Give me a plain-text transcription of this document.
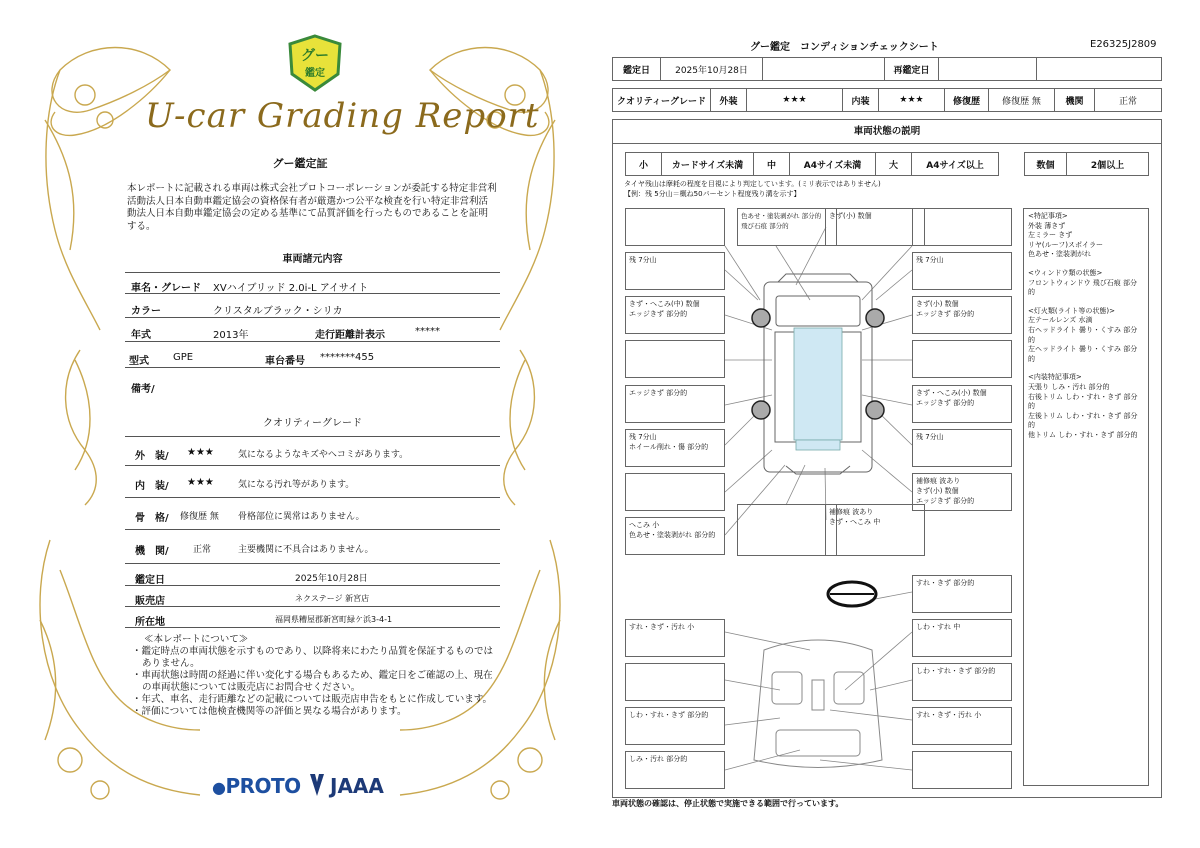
グー
鑑定
U-car Grading Report
グー鑑定証
本レポートに記載される車両は株式会社プロトコーポレーションが委託する特定非営利活動法人日本自動車鑑定協会の資格保有者が厳選かつ公平な検査を行い特定非営利活動法人日本自動車鑑定協会の定める基準にて品質評価を行ったものであることを証明する。
車両諸元内容
車名・グレード XVハイブリッド 2.0i-L アイサイト
カラー	クリスタルブラック・シリカ
年式	2013年	走行距離計表示	*****
型式 GPE	車台番号 *******455
備考/
クオリティーグレード
外　装/ ★★★	気になるようなキズやヘコミがあります。
内　装/ ★★★	気になる汚れ等があります。
骨　格/ 修復歴 無 骨格部位に異常はありません。
機　関/	正常	主要機関に不具合はありません。
鑑定日	2025年10月28日
販売店	ネクステージ 新宮店
所在地	福岡県糟屋郡新宮町緑ケ浜3-4-1
≪本レポートについて≫
・鑑定時点の車両状態を示すものであり、以降将来にわたり品質を保証するものではありません。
・車両状態は時間の経過に伴い変化する場合もあるため、鑑定日をご確認の上、現在の車両状態については販売店にお問合せください。
・年式、車名、走行距離などの記載については販売店申告をもとに作成しています。
・評価については他検査機関等の評価と異なる場合があります。
●PROTO JAAA
グー鑑定　コンディションチェックシート	E26325J2809
鑑定日	2025年10月28日	再鑑定日
クオリティーグレード	外装	★★★	内装	★★★	修復歴	修復歴 無	機関	正常
車両状態の説明
小	カードサイズ未満	中	A4サイズ未満	大	A4サイズ以上	数個	2個以上
タイヤ残山は摩耗の程度を目視により判定しています。(ミリ表示ではありません)
【例：残 5分山＝概ね50パーセント程度残り溝を示す】
色あせ・塗装剥がれ 部分的
飛び石痕 部分的
きず(小) 数個
残 7分山	残 7分山
きず・へこみ(中) 数個
エッジきず 部分的
きず(小) 数個
エッジきず 部分的
エッジきず 部分的	きず・へこみ(小) 数個
エッジきず 部分的
残 7分山
ホイール削れ・傷 部分的
残 7分山
補修痕 波あり
きず(小) 数個
エッジきず 部分的
へこみ 小
色あせ・塗装剥がれ 部分的
補修痕 波あり
きず・へこみ 中
すれ・きず 部分的
すれ・きず・汚れ 小	しわ・すれ 中
しわ・すれ・きず 部分的
しわ・すれ・きず 部分的	すれ・きず・汚れ 小
しみ・汚れ 部分的
<特記事項>
外装 薄きず
左ミラー きず
リヤ(ルーフ)スポイラー
色あせ・塗装剥がれ
<ウィンドウ類の状態>
フロントウィンドウ 飛び石痕 部分的
<灯火類(ライト等の状態)>
左テールレンズ 水滴
右ヘッドライト 曇り・くすみ 部分的
左ヘッドライト 曇り・くすみ 部分的
<内装特記事項>
天張り しみ・汚れ 部分的
右後トリム しわ・すれ・きず 部分的
左後トリム しわ・すれ・きず 部分的
他トリム しわ・すれ・きず 部分的
車両状態の確認は、停止状態で実施できる範囲で行っています。
